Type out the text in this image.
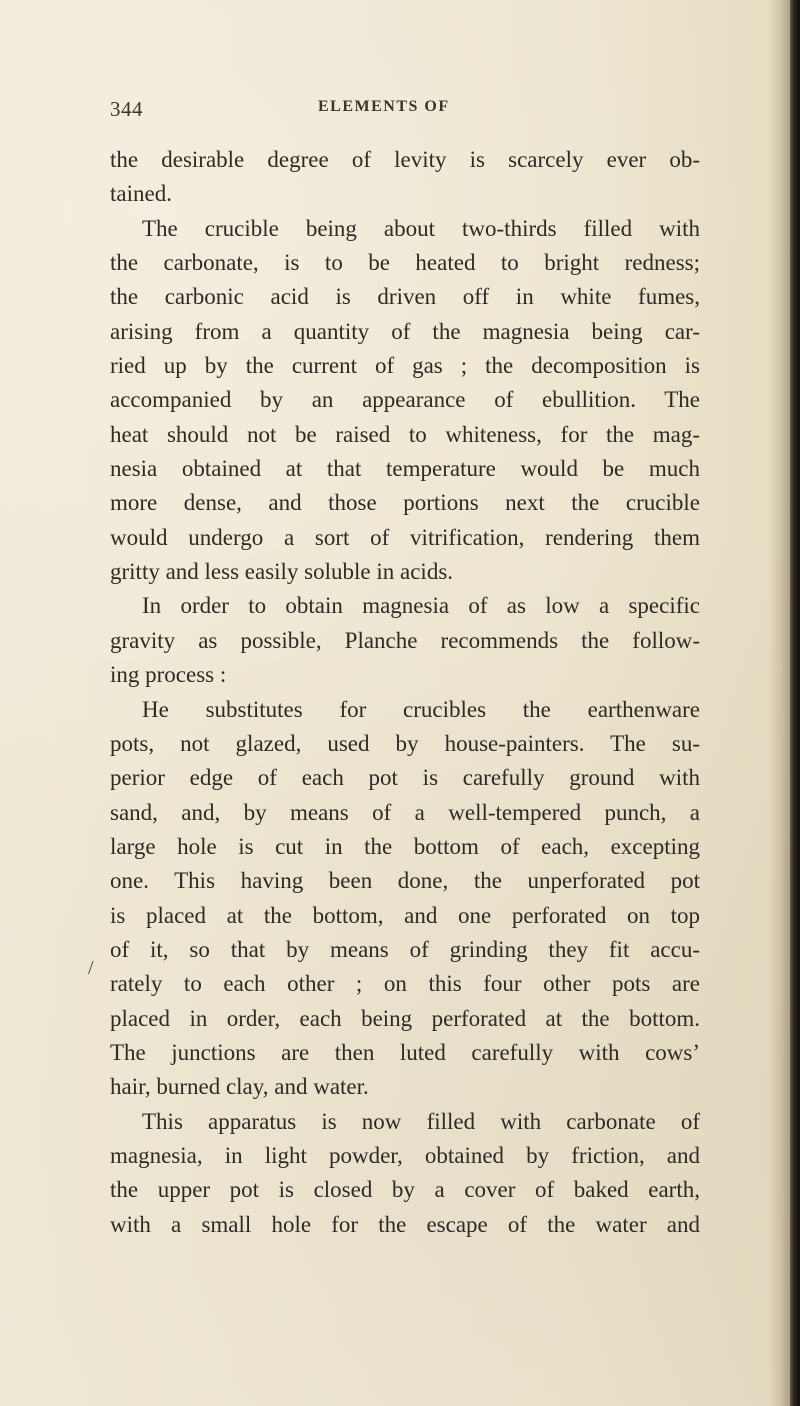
344	ELEMENTS OF
the desirable degree of levity is scarcely ever ob-
tained.
The crucible being about two-thirds filled with
the carbonate, is to be heated to bright redness;
the carbonic acid is driven off in white fumes,
arising from a quantity of the magnesia being car-
ried up by the current of gas ; the decomposition is
accompanied by an appearance of ebullition. The
heat should not be raised to whiteness, for the mag-
nesia obtained at that temperature would be much
more dense, and those portions next the crucible
would undergo a sort of vitrification, rendering them
gritty and less easily soluble in acids.
In order to obtain magnesia of as low a specific
gravity as possible, Planche recommends the follow-
ing process :
He substitutes for crucibles the earthenware
pots, not glazed, used by house-painters. The su-
perior edge of each pot is carefully ground with
sand, and, by means of a well-tempered punch, a
large hole is cut in the bottom of each, excepting
one. This having been done, the unperforated pot
is placed at the bottom, and one perforated on top
of it, so that by means of grinding they fit accu-
rately to each other ; on this four other pots are
placed in order, each being perforated at the bottom.
The junctions are then luted carefully with cows’
hair, burned clay, and water.
This apparatus is now filled with carbonate of
magnesia, in light powder, obtained by friction, and
the upper pot is closed by a cover of baked earth,
with a small hole for the escape of the water and
/
